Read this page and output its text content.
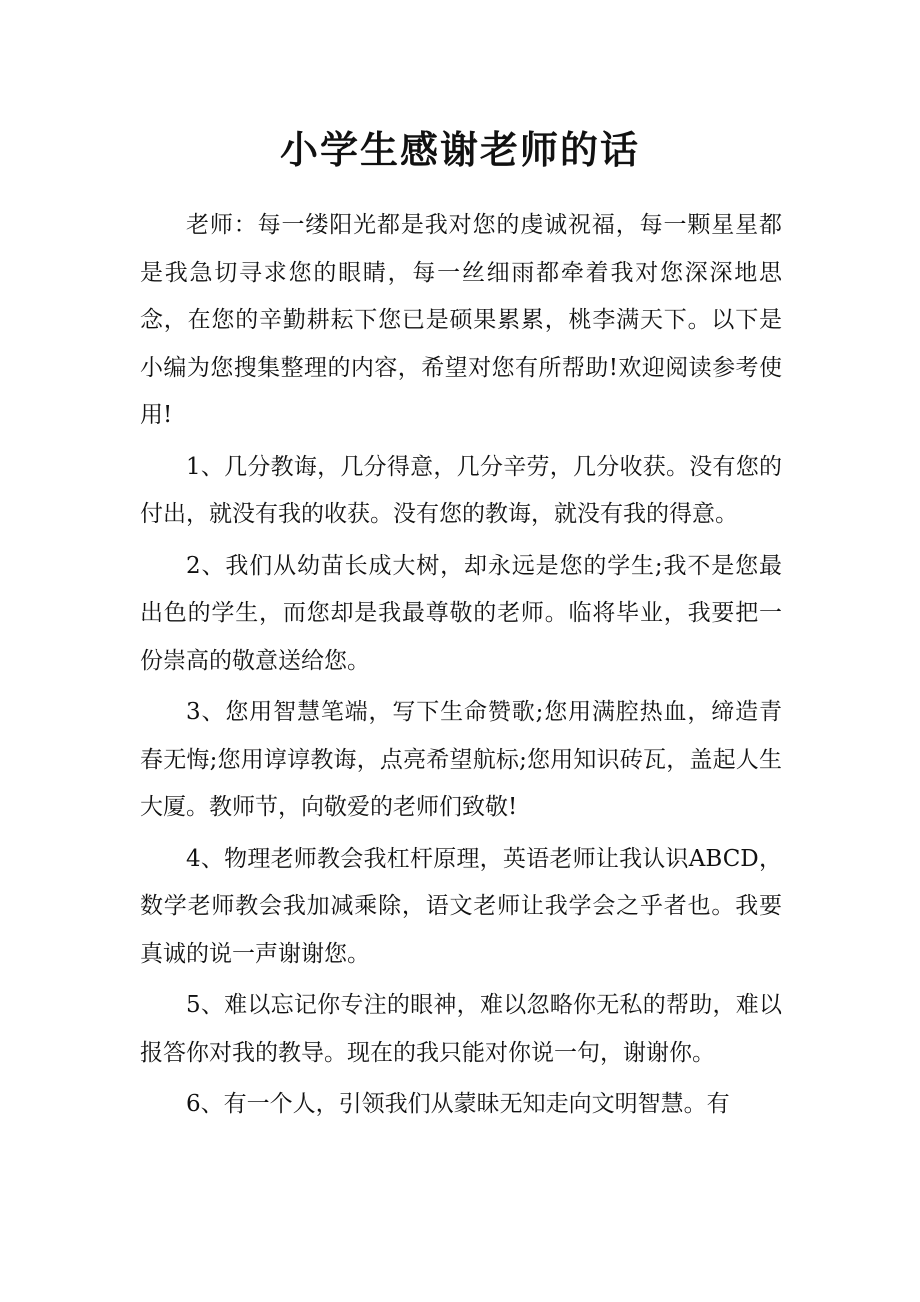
小学生感谢老师的话

老师：每一缕阳光都是我对您的虔诚祝福，每一颗星星都是我急切寻求您的眼睛，每一丝细雨都牵着我对您深深地思念，在您的辛勤耕耘下您已是硕果累累，桃李满天下。以下是小编为您搜集整理的内容，希望对您有所帮助!欢迎阅读参考使用!

1、几分教诲，几分得意，几分辛劳，几分收获。没有您的付出，就没有我的收获。没有您的教诲，就没有我的得意。

2、我们从幼苗长成大树，却永远是您的学生;我不是您最出色的学生，而您却是我最尊敬的老师。临将毕业，我要把一份崇高的敬意送给您。

3、您用智慧笔端，写下生命赞歌;您用满腔热血，缔造青春无悔;您用谆谆教诲，点亮希望航标;您用知识砖瓦，盖起人生大厦。教师节，向敬爱的老师们致敬!

4、物理老师教会我杠杆原理，英语老师让我认识ABCD，数学老师教会我加减乘除，语文老师让我学会之乎者也。我要真诚的说一声谢谢您。

5、难以忘记你专注的眼神，难以忽略你无私的帮助，难以报答你对我的教导。现在的我只能对你说一句，谢谢你。

6、有一个人，引领我们从蒙昧无知走向文明智慧。有
